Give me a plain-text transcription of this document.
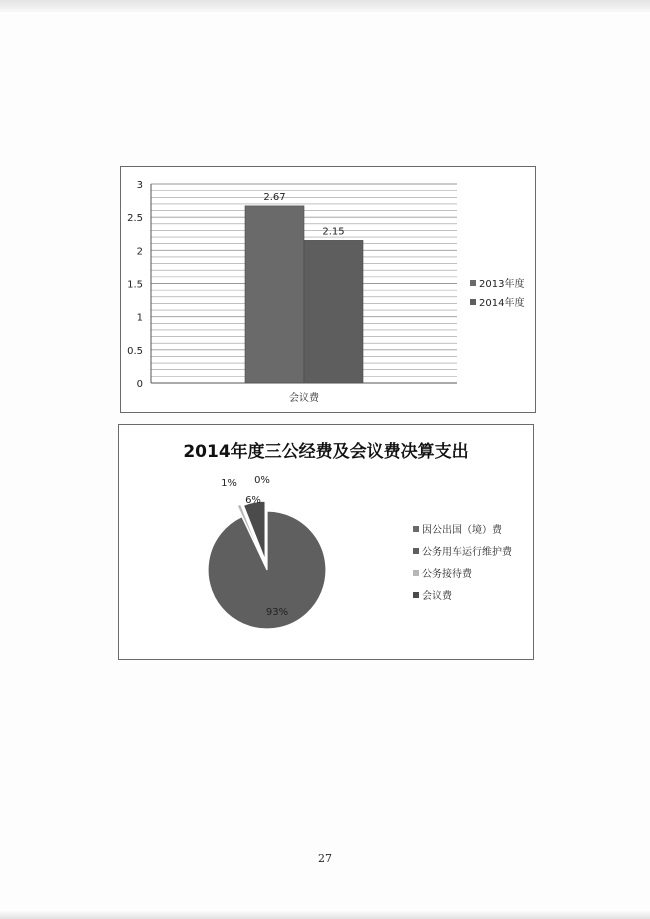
0
0.5
1
1.5
2
2.5
3
2.67
2.15
会议费
2013年度
2014年度
2014年度三公经费及会议费决算支出
0%
93%
1%
6%
因公出国（境）费
公务用车运行维护费
公务接待费
会议费
27
